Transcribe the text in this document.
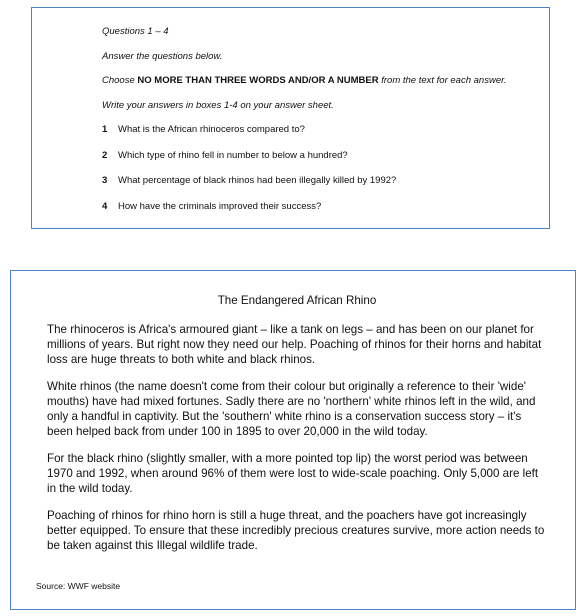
Questions 1 – 4

Answer the questions below.

Choose NO MORE THAN THREE WORDS AND/OR A NUMBER from the text for each answer.

Write your answers in boxes 1-4 on your answer sheet.

1	What is the African rhinoceros compared to?
2	Which type of rhino fell in number to below a hundred?
3	What percentage of black rhinos had been illegally killed by 1992?
4	How have the criminals improved their success?

The Endangered African Rhino

The rhinoceros is Africa's armoured giant – like a tank on legs – and has been on our planet for millions of years. But right now they need our help. Poaching of rhinos for their horns and habitat loss are huge threats to both white and black rhinos.

White rhinos (the name doesn't come from their colour but originally a reference to their 'wide' mouths) have had mixed fortunes. Sadly there are no 'northern' white rhinos left in the wild, and only a handful in captivity. But the 'southern' white rhino is a conservation success story – it's been helped back from under 100 in 1895 to over 20,000 in the wild today.

For the black rhino (slightly smaller, with a more pointed top lip) the worst period was between 1970 and 1992, when around 96% of them were lost to wide-scale poaching. Only 5,000 are left in the wild today.

Poaching of rhinos for rhino horn is still a huge threat, and the poachers have got increasingly better equipped. To ensure that these incredibly precious creatures survive, more action needs to be taken against this Illegal wildlife trade.

Source: WWF website
